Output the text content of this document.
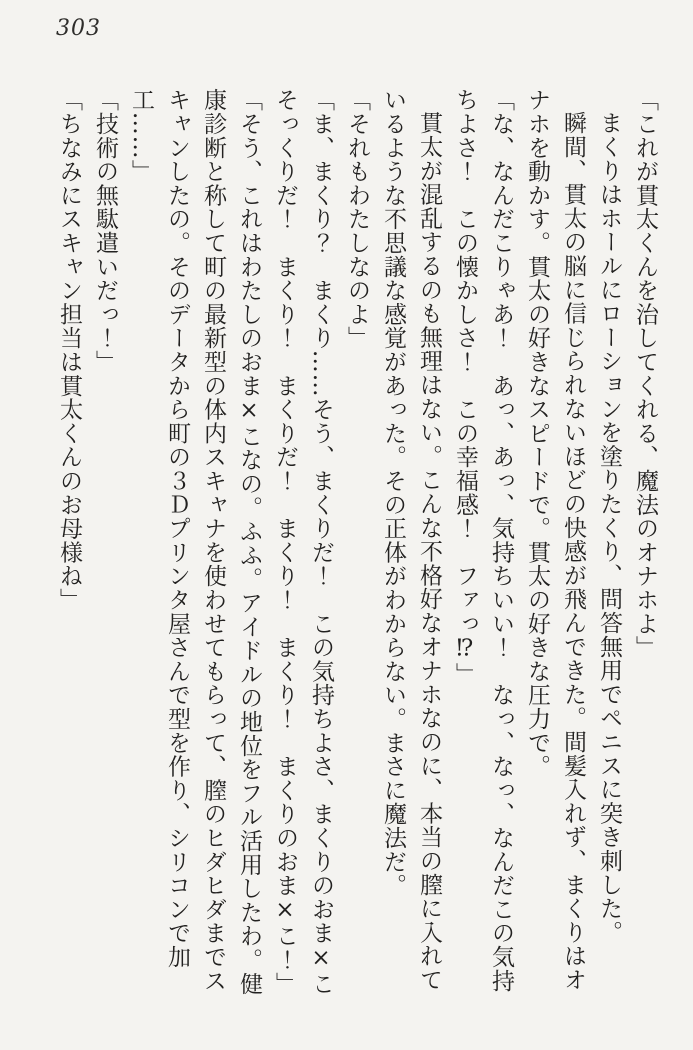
303

「これが貫太くんを治してくれる、魔法のオナホよ」

まくりはホールにローションを塗りたくり、問答無用でペニスに突き刺した。

瞬間、貫太の脳に信じられないほどの快感が飛んできた。間髪入れず、まくりはオナホを動かす。貫太の好きなスピードで。貫太の好きな圧力で。

「な、なんだこりゃあ！　あっ、あっ、気持ちいい！　なっ、なっ、なんだこの気持ちよさ！　この懐かしさ！　この幸福感！　ファっ⁉」

貫太が混乱するのも無理はない。こんな不格好なオナホなのに、本当の膣に入れているような不思議な感覚があった。その正体がわからない。まさに魔法だ。

「それもわたしなのよ」

「ま、まくり？　まくり……そう、まくりだ！　この気持ちよさ、まくりのおま×こそっくりだ！　まくり！　まくりだ！　まくり！　まくり！　まくりのおま×こ！」

「そう、これはわたしのおま×こなの。ふふ。アイドルの地位をフル活用したわ。健康診断と称して町の最新型の体内スキャナを使わせてもらって、膣のヒダヒダまでスキャンしたの。そのデータから町の３Ｄプリンタ屋さんで型を作り、シリコンで加工……」

「技術の無駄遣いだっ！」

「ちなみにスキャン担当は貫太くんのお母様ね」
